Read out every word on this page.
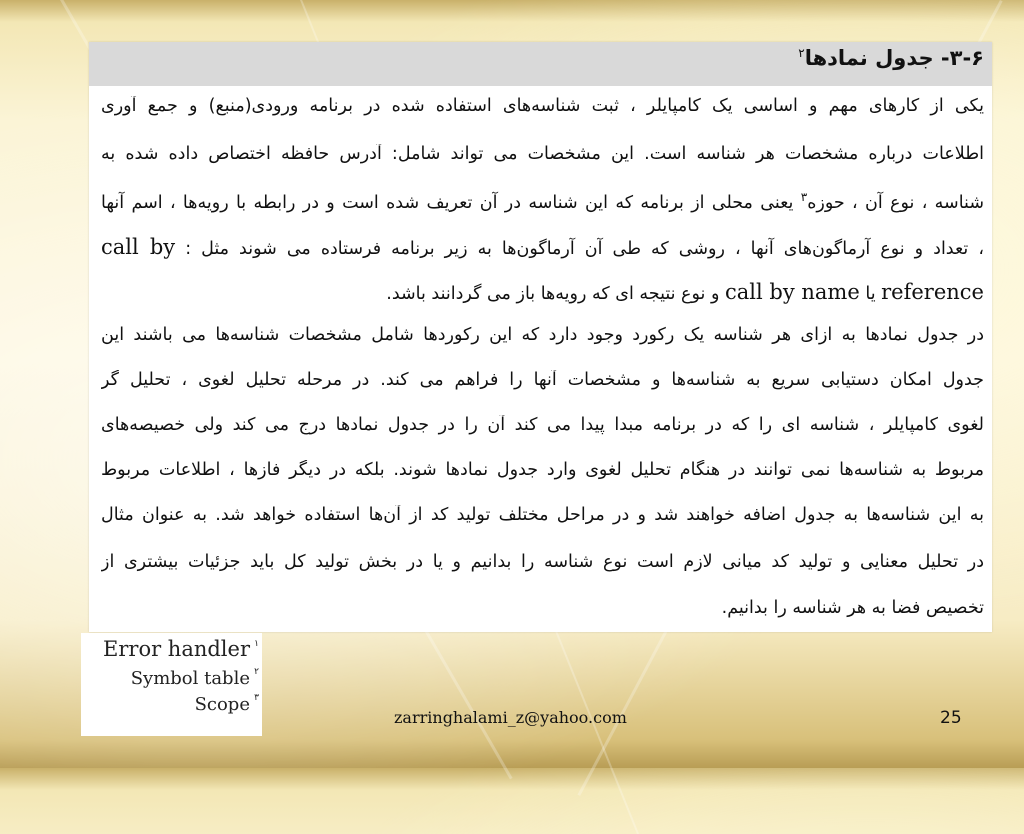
۳-۶- جدول نمادها$^۲$
یکی از کارهای مهم و اساسی یک کامپایلر ، ثبت شناسه‌های استفاده شده در برنامه ورودی(منبع) و جمع آوری
اطلاعات درباره مشخصات هر شناسه است. این مشخصات می تواند شامل: آدرس حافظه اختصاص داده شده به
شناسه ، نوع آن ، حوزه$^۳$ یعنی محلی از برنامه که این شناسه در آن تعریف شده است و در رابطه با رویه‌ها ، اسم آنها
، تعداد و نوع آرماگون‌های آنها ، روشی که طی آن آرماگون‌ها به زیر برنامه فرستاده می شوند مثل : call by
reference یا call by name و نوع نتیجه ای که رویه‌ها باز می گردانند باشد.
در جدول نمادها به ازای هر شناسه یک رکورد وجود دارد که این رکوردها شامل مشخصات شناسه‌ها می باشند این
جدول امکان دستیابی سریع به شناسه‌ها و مشخصات آنها را فراهم می کند. در مرحله تحلیل لغوی ، تحلیل گر
لغوی کامپایلر ، شناسه ای را که در برنامه مبدا پیدا می کند آن را در جدول نمادها درج می کند ولی خصیصه‌های
مربوط به شناسه‌ها نمی توانند در هنگام تحلیل لغوی وارد جدول نمادها شوند. بلکه در دیگر فازها ، اطلاعات مربوط
به این شناسه‌ها به جدول اضافه خواهند شد و در مراحل مختلف تولید کد از آن‌ها استفاده خواهد شد. به عنوان مثال
در تحلیل معنایی و تولید کد میانی لازم است نوع شناسه را بدانیم و یا در بخش تولید کل باید جزئیات بیشتری از
تخصیص فضا به هر شناسه را بدانیم.
Error handler ۱
Symbol table ۲
Scope ۳
zarringhalami_z@yahoo.com	25
